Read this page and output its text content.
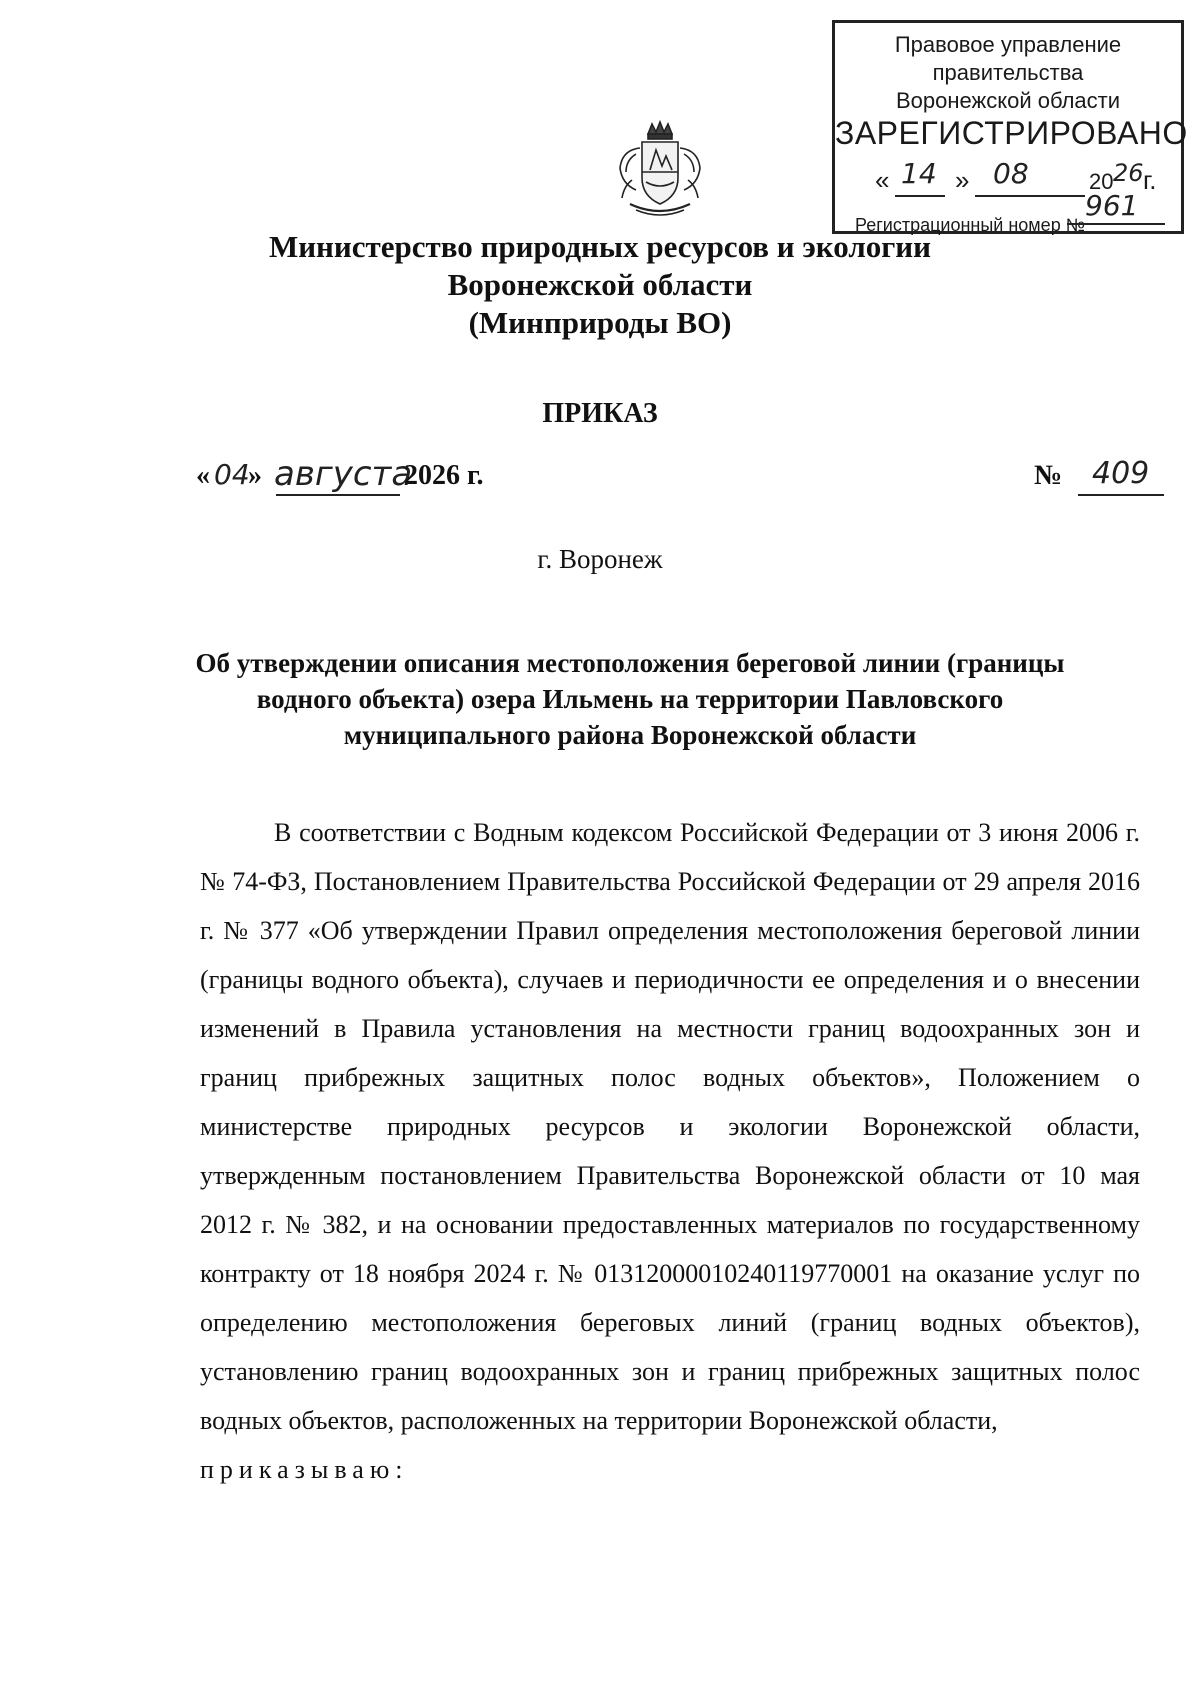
Правовое управление правительства
Воронежской области
ЗАРЕГИСТРИРОВАНО
« 14 » 08	20 26 г.
Регистрационный номер №
961
Министерство природных ресурсов и экологии
Воронежской области
(Минприроды ВО)
ПРИКАЗ
« 04
» августа
2026 г.	№ 409
г. Воронеж
Об утверждении описания местоположения береговой линии (границы
водного объекта) озера Ильмень на территории Павловского
муниципального района Воронежской области
В соответствии с Водным кодексом Российской Федерации от 3 июня 2006 г. № 74-ФЗ, Постановлением Правительства Российской Федерации от 29 апреля 2016 г. № 377 «Об утверждении Правил определения местоположения береговой линии (границы водного объекта), случаев и периодичности ее определения и о внесении изменений в Правила установления на местности границ водоохранных зон и границ прибрежных защитных полос водных объектов», Положением о министерстве природных ресурсов и экологии Воронежской области, утвержденным постановлением Правительства Воронежской области от 10 мая 2012 г. № 382, и на основании предоставленных материалов по государственному контракту от 18 ноября 2024 г. № 0131200001024011977000‌1 на оказание услуг по определению местоположения береговых линий (границ водных объектов), установлению границ водоохранных зон и границ прибрежных защитных полос водных объектов, расположенных на территории Воронежской области,
приказываю:
